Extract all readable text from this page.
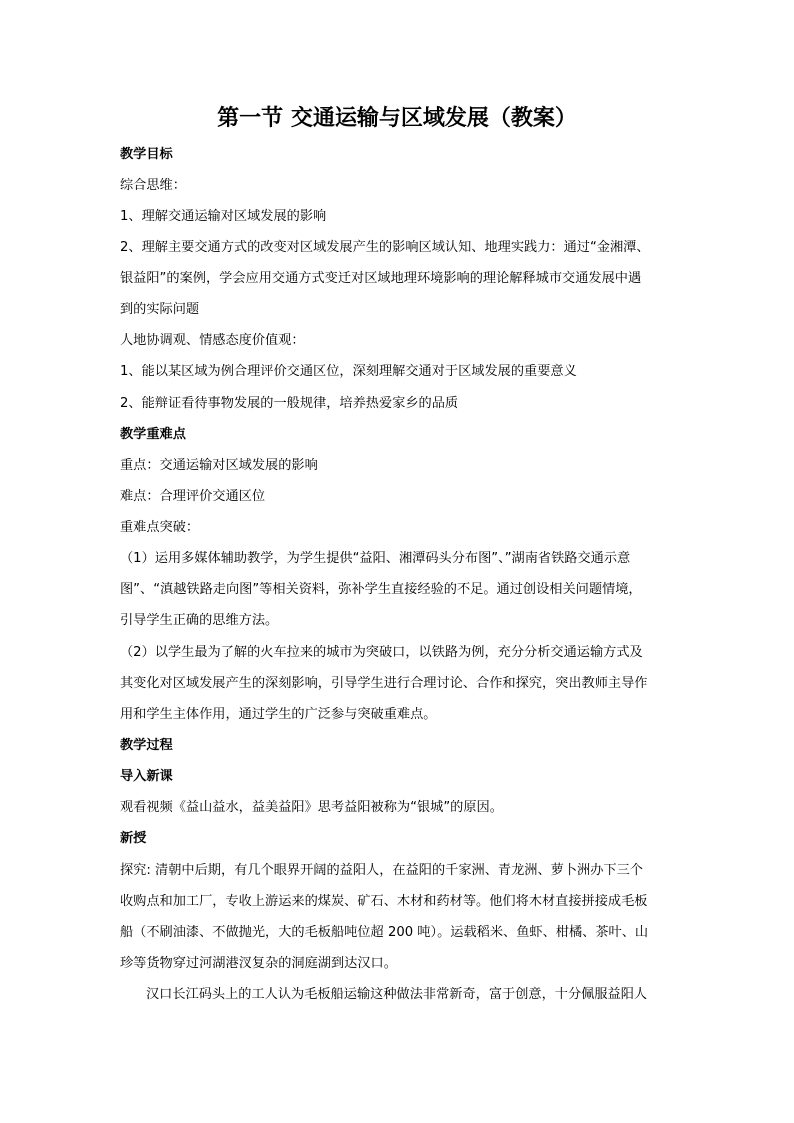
第一节 交通运输与区域发展（教案）
教学目标
综合思维：
1、理解交通运输对区域发展的影响
2、理解主要交通方式的改变对区域发展产生的影响区域认知、地理实践力：通过“金湘潭、
银益阳”的案例，学会应用交通方式变迁对区域地理环境影响的理论解释城市交通发展中遇
到的实际问题
人地协调观、情感态度价值观：
1、能以某区域为例合理评价交通区位，深刻理解交通对于区域发展的重要意义
2、能辩证看待事物发展的一般规律，培养热爱家乡的品质
教学重难点
重点：交通运输对区域发展的影响
难点：合理评价交通区位
重难点突破：
（1）运用多媒体辅助教学，为学生提供“益阳、湘潭码头分布图”、”湖南省铁路交通示意
图”、“滇越铁路走向图”等相关资料，弥补学生直接经验的不足。通过创设相关问题情境，
引导学生正确的思维方法。
（2）以学生最为了解的火车拉来的城市为突破口，以铁路为例，充分分析交通运输方式及
其变化对区域发展产生的深刻影响，引导学生进行合理讨论、合作和探究，突出教师主导作
用和学生主体作用，通过学生的广泛参与突破重难点。
教学过程
导入新课
观看视频《益山益水，益美益阳》思考益阳被称为“银城”的原因。
新授
探究: 清朝中后期，有几个眼界开阔的益阳人，在益阳的千家洲、青龙洲、萝卜洲办下三个
收购点和加工厂，专收上游运来的煤炭、矿石、木材和药材等。他们将木材直接拼接成毛板
船（不刷油漆、不做抛光，大的毛板船吨位超 200 吨）。运载稻米、鱼虾、柑橘、茶叶、山
珍等货物穿过河湖港汊复杂的洞庭湖到达汉口。
汉口长江码头上的工人认为毛板船运输这种做法非常新奇，富于创意，十分佩服益阳人
